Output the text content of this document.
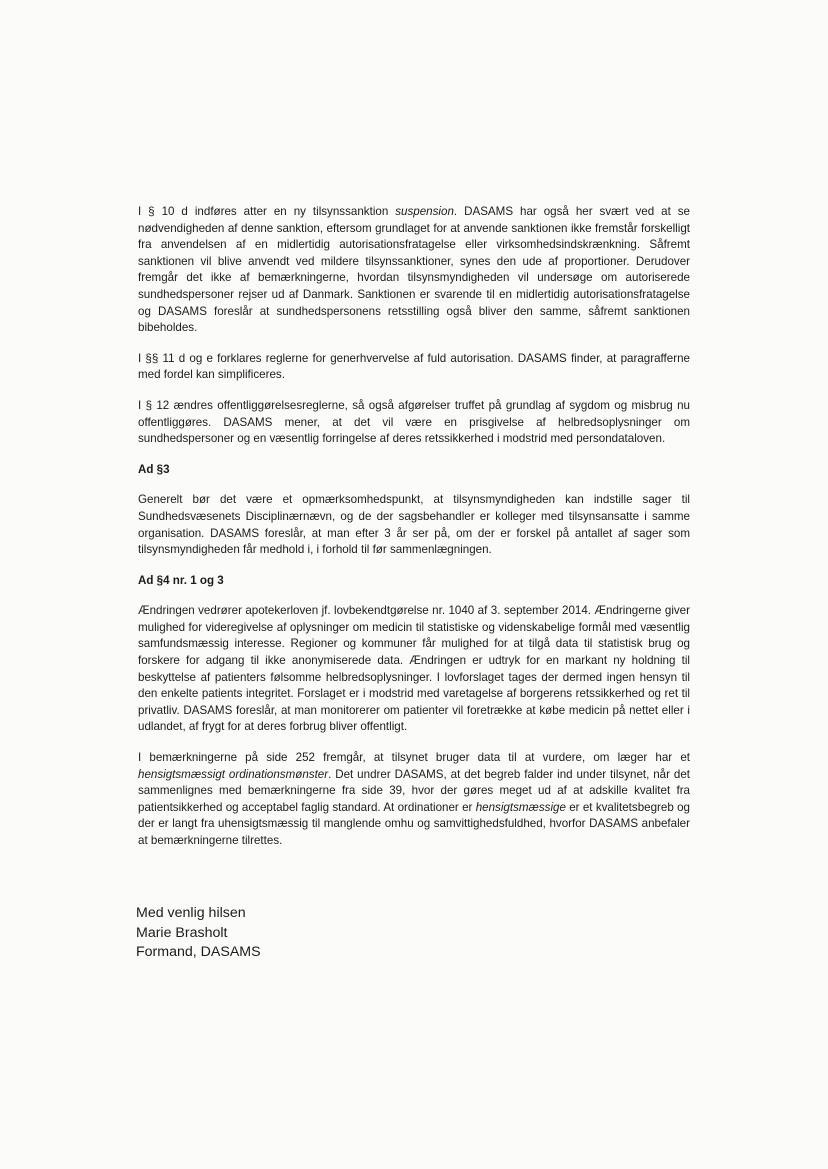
I § 10 d indføres atter en ny tilsynssanktion suspension. DASAMS har også her svært ved at se nødvendigheden af denne sanktion, eftersom grundlaget for at anvende sanktionen ikke fremstår forskelligt fra anvendelsen af en midlertidig autorisationsfratagelse eller virksomhedsindskrænkning. Såfremt sanktionen vil blive anvendt ved mildere tilsynssanktioner, synes den ude af proportioner. Derudover fremgår det ikke af bemærkningerne, hvordan tilsynsmyndigheden vil undersøge om autoriserede sundhedspersoner rejser ud af Danmark. Sanktionen er svarende til en midlertidig autorisationsfratagelse og DASAMS foreslår at sundhedspersonens retsstilling også bliver den samme, såfremt sanktionen bibeholdes.

I §§ 11 d og e forklares reglerne for generhvervelse af fuld autorisation. DASAMS finder, at paragrafferne med fordel kan simplificeres.

I § 12 ændres offentliggørelsesreglerne, så også afgørelser truffet på grundlag af sygdom og misbrug nu offentliggøres. DASAMS mener, at det vil være en prisgivelse af helbredsoplysninger om sundhedspersoner og en væsentlig forringelse af deres retssikkerhed i modstrid med persondataloven.

Ad §3

Generelt bør det være et opmærksomhedspunkt, at tilsynsmyndigheden kan indstille sager til Sundhedsvæsenets Disciplinærnævn, og de der sagsbehandler er kolleger med tilsynsansatte i samme organisation. DASAMS foreslår, at man efter 3 år ser på, om der er forskel på antallet af sager som tilsynsmyndigheden får medhold i, i forhold til før sammenlægningen.

Ad §4 nr. 1 og 3

Ændringen vedrører apotekerloven jf. lovbekendtgørelse nr. 1040 af 3. september 2014. Ændringerne giver mulighed for videregivelse af oplysninger om medicin til statistiske og videnskabelige formål med væsentlig samfundsmæssig interesse. Regioner og kommuner får mulighed for at tilgå data til statistisk brug og forskere for adgang til ikke anonymiserede data. Ændringen er udtryk for en markant ny holdning til beskyttelse af patienters følsomme helbredsoplysninger. I lovforslaget tages der dermed ingen hensyn til den enkelte patients integritet. Forslaget er i modstrid med varetagelse af borgerens retssikkerhed og ret til privatliv. DASAMS foreslår, at man monitorerer om patienter vil foretrække at købe medicin på nettet eller i udlandet, af frygt for at deres forbrug bliver offentligt.

I bemærkningerne på side 252 fremgår, at tilsynet bruger data til at vurdere, om læger har et hensigtsmæssigt ordinationsmønster. Det undrer DASAMS, at det begreb falder ind under tilsynet, når det sammenlignes med bemærkningerne fra side 39, hvor der gøres meget ud af at adskille kvalitet fra patientsikkerhed og acceptabel faglig standard. At ordinationer er hensigtsmæssige er et kvalitetsbegreb og der er langt fra uhensigtsmæssig til manglende omhu og samvittighedsfuldhed, hvorfor DASAMS anbefaler at bemærkningerne tilrettes.

Med venlig hilsen
Marie Brasholt
Formand, DASAMS
